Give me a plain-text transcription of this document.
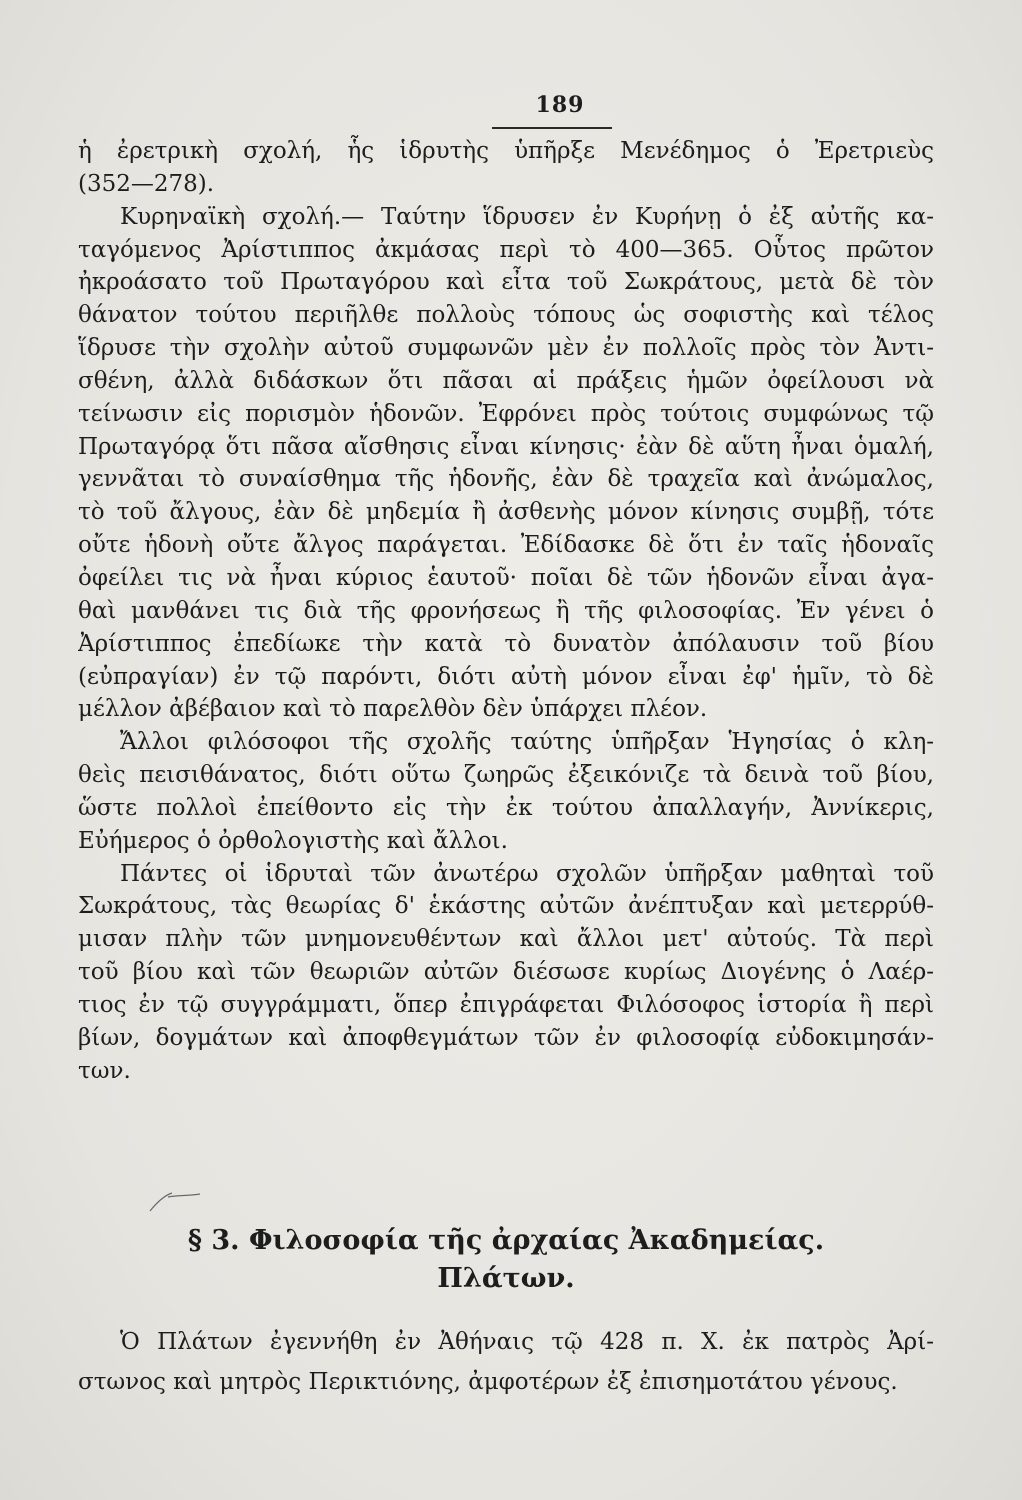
189
ἡ ἐρετρικὴ σχολή, ἧς ἱδρυτὴς ὑπῆρξε Μενέδημος ὁ Ἐρετριεὺς
(352—278).
Κυρηναϊκὴ σχολή.— Ταύτην ἵδρυσεν ἐν Κυρήνῃ ὁ ἐξ αὐτῆς κα-
ταγόμενος Ἀρίστιππος ἀκμάσας περὶ τὸ 400—365. Οὗτος πρῶτον
ἠκροάσατο τοῦ Πρωταγόρου καὶ εἶτα τοῦ Σωκράτους, μετὰ δὲ τὸν
θάνατον τούτου περιῆλθε πολλοὺς τόπους ὡς σοφιστὴς καὶ τέλος
ἵδρυσε τὴν σχολὴν αὐτοῦ συμφωνῶν μὲν ἐν πολλοῖς πρὸς τὸν Ἀντι-
σθένη, ἀλλὰ διδάσκων ὅτι πᾶσαι αἱ πράξεις ἡμῶν ὀφείλουσι νὰ
τείνωσιν εἰς πορισμὸν ἡδονῶν. Ἐφρόνει πρὸς τούτοις συμφώνως τῷ
Πρωταγόρᾳ ὅτι πᾶσα αἴσθησις εἶναι κίνησις· ἐὰν δὲ αὕτη ἦναι ὁμαλή,
γεννᾶται τὸ συναίσθημα τῆς ἡδονῆς, ἐὰν δὲ τραχεῖα καὶ ἀνώμαλος,
τὸ τοῦ ἄλγους, ἐὰν δὲ μηδεμία ἢ ἀσθενὴς μόνον κίνησις συμβῇ, τότε
οὔτε ἡδονὴ οὔτε ἄλγος παράγεται. Ἐδίδασκε δὲ ὅτι ἐν ταῖς ἡδοναῖς
ὀφείλει τις νὰ ἦναι κύριος ἑαυτοῦ· ποῖαι δὲ τῶν ἡδονῶν εἶναι ἀγα-
θαὶ μανθάνει τις διὰ τῆς φρονήσεως ἢ τῆς φιλοσοφίας. Ἐν γένει ὁ
Ἀρίστιππος ἐπεδίωκε τὴν κατὰ τὸ δυνατὸν ἀπόλαυσιν τοῦ βίου
(εὐπραγίαν) ἐν τῷ παρόντι, διότι αὐτὴ μόνον εἶναι ἐφ' ἡμῖν, τὸ δὲ
μέλλον ἀβέβαιον καὶ τὸ παρελθὸν δὲν ὑπάρχει πλέον.
Ἄλλοι φιλόσοφοι τῆς σχολῆς ταύτης ὑπῆρξαν Ἡγησίας ὁ κλη-
θεὶς πεισιθάνατος, διότι οὕτω ζωηρῶς ἐξεικόνιζε τὰ δεινὰ τοῦ βίου,
ὥστε πολλοὶ ἐπείθοντο εἰς τὴν ἐκ τούτου ἀπαλλαγήν, Ἀννίκερις,
Εὐήμερος ὁ ὀρθολογιστὴς καὶ ἄλλοι.
Πάντες οἱ ἱδρυταὶ τῶν ἀνωτέρω σχολῶν ὑπῆρξαν μαθηταὶ τοῦ
Σωκράτους, τὰς θεωρίας δ' ἑκάστης αὐτῶν ἀνέπτυξαν καὶ μετερρύθ-
μισαν πλὴν τῶν μνημονευθέντων καὶ ἄλλοι μετ' αὐτούς. Τὰ περὶ
τοῦ βίου καὶ τῶν θεωριῶν αὐτῶν διέσωσε κυρίως Διογένης ὁ Λαέρ-
τιος ἐν τῷ συγγράμματι, ὅπερ ἐπιγράφεται Φιλόσοφος ἱστορία ἢ περὶ
βίων, δογμάτων καὶ ἀποφθεγμάτων τῶν ἐν φιλοσοφίᾳ εὐδοκιμησάν-
των.
§ 3. Φιλοσοφία τῆς ἀρχαίας Ἀκαδημείας.
Πλάτων.
Ὁ Πλάτων ἐγεννήθη ἐν Ἀθήναις τῷ 428 π. Χ. ἐκ πατρὸς Ἀρί-
στωνος καὶ μητρὸς Περικτιόνης, ἀμφοτέρων ἐξ ἐπισημοτάτου γένους.
